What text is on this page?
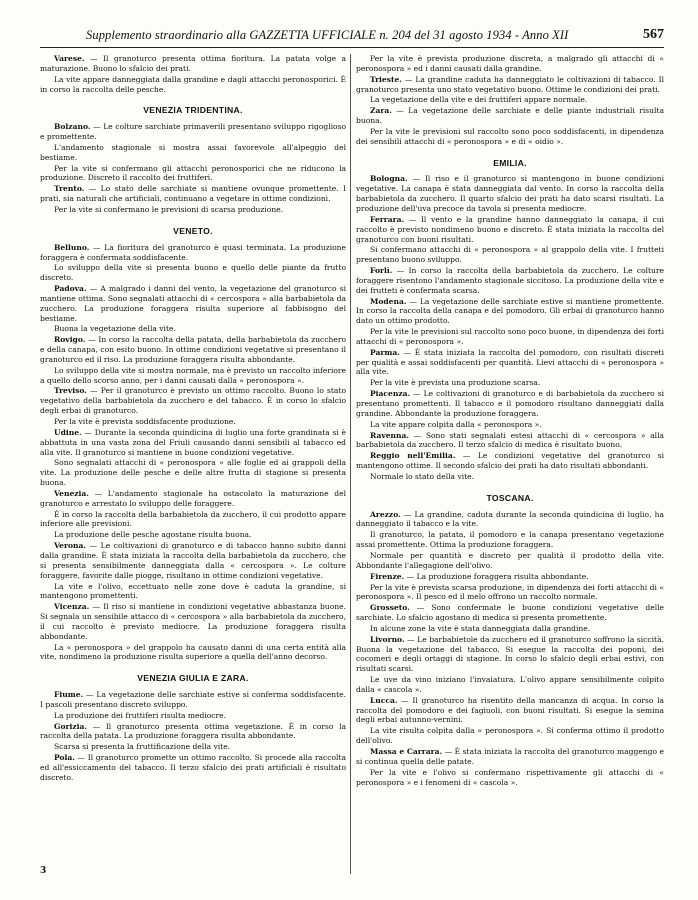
Supplemento straordinario alla GAZZETTA UFFICIALE n. 204 del 31 agosto 1934 - Anno XII	567
Varese. — Il granoturco presenta ottima fioritura. La patata volge a maturazione. Buono lo sfalcio dei prati.
La vite appare danneggiata dalla grandine e dagli attacchi peronosporici. È in corso la raccolta delle pesche.
VENEZIA TRIDENTINA.
Bolzano. — Le colture sarchiate primaverili presentano sviluppo rigoglioso e promettente.
L'andamento stagionale si mostra assai favorevole all'alpeggio del bestiame.
Per la vite si confermano gli attacchi peronosporici che ne riducono la produzione. Discreto il raccolto dei fruttiferi.
Trento. — Lo stato delle sarchiate si mantiene ovunque promettente. I prati, sia naturali che artificiali, continuano a vegetare in ottime condizioni.
Per la vite si confermano le previsioni di scarsa produzione.
VENETO.
Belluno. — La fioritura del granoturco è quasi terminata. La produzione foraggera è confermata soddisfacente.
Lo sviluppo della vite si presenta buono e quello delle piante da frutto discreto.
Padova. — A malgrado i danni del vento, la vegetazione del granoturco si mantiene ottima. Sono segnalati attacchi di « cercospora » alla barbabietola da zucchero. La produzione foraggera risulta superiore al fabbisogno del bestiame.
Buona la vegetazione della vite.
Rovigo. — In corso la raccolta della patata, della barbabietola da zucchero e della canapa, con esito buono. In ottime condizioni vegetative si presentano il granoturco ed il riso. La produzione foraggera risulta abbondante.
Lo sviluppo della vite si mostra normale, ma è previsto un raccolto inferiore a quello dello scorso anno, per i danni causati dalla « peronospora ».
Treviso. — Per il granoturco è previsto un ottimo raccolto. Buono lo stato vegetativo della barbabietola da zucchero e del tabacco. È in corso lo sfalcio degli erbai di granoturco.
Per la vite è prevista soddisfacente produzione.
Udine. — Durante la seconda quindicina di luglio una forte grandinata si è abbattuta in una vasta zona del Friuli causando danni sensibili al tabacco ed alla vite. Il granoturco si mantiene in buone condizioni vegetative.
Sono segnalati attacchi di « peronospora » alle foglie ed ai grappoli della vite. La produzione delle pesche e delle altre frutta di stagione si presenta buona.
Venezia. — L'andamento stagionale ha ostacolato la maturazione del granoturco e arrestato lo sviluppo delle foraggere.
È in corso la raccolta della barbabietola da zucchero, il cui prodotto appare inferiore alle previsioni.
La produzione delle pesche agostane risulta buona.
Verona. — Le coltivazioni di granoturco e di tabacco hanno subito danni dalla grandine. È stata iniziata la raccolta della barbabietola da zucchero, che si presenta sensibilmente danneggiata dalla « cercospora ». Le colture foraggere, favorite dalle piogge, risultano in ottime condizioni vegetative.
La vite e l'olivo, eccettuato nelle zone dove è caduta la grandine, si mantengono promettenti.
Vicenza. — Il riso si mantiene in condizioni vegetative abbastanza buone. Si segnala un sensibile attacco di « cercospora » alla barbabietola da zucchero, il cui raccolto è previsto mediocre. La produzione foraggera risulta abbondante.
La « peronospora » del grappolo ha causato danni di una certa entità alla vite, nondimeno la produzione risulta superiore a quella dell'anno decorso.
VENEZIA GIULIA E ZARA.
Fiume. — La vegetazione delle sarchiate estive si conferma soddisfacente. I pascoli presentano discreto sviluppo.
La produzione dei fruttiferi risulta mediocre.
Gorizia. — Il granoturco presenta ottima vegetazione. È in corso la raccolta della patata. La produzione foraggera risulta abbondante.
Scarsa si presenta la fruttificazione della vite.
Pola. — Il granoturco promette un ottimo raccolto. Si procede alla raccolta ed all'essiccamento del tabacco. Il terzo sfalcio dei prati artificiali è risultato discreto.
Per la vite è prevista produzione discreta, a malgrado gli attacchi di « peronospora » ed i danni causati dalla grandine.
Trieste. — La grandine caduta ha danneggiato le coltivazioni di tabacco. Il granoturco presenta uno stato vegetativo buono. Ottime le condizioni dei prati.
La vegetazione della vite e dei fruttiferi appare normale.
Zara. — La vegetazione delle sarchiate e delle piante industriali risulta buona.
Per la vite le previsioni sul raccolto sono poco soddisfacenti, in dipendenza dei sensibili attacchi di « peronospora » e di « oidio ».
EMILIA.
Bologna. — Il riso e il granoturco si mantengono in buone condizioni vegetative. La canapa è stata danneggiata dal vento. In corso la raccolta della barbabietola da zucchero. Il quarto sfalcio dei prati ha dato scarsi risultati. La produzione dell'uva precoce da tavola si presenta mediocre.
Ferrara. — Il vento e la grandine hanno danneggiato la canapa, il cui raccolto è previsto nondimeno buono e discreto. È stata iniziata la raccolta del granoturco con buoni risultati.
Si confermano attacchi di « peronospora » al grappolo della vite. I frutteti presentano buono sviluppo.
Forlì. — In corso la raccolta della barbabietola da zucchero. Le colture foraggere risentono l'andamento stagionale siccitoso. La produzione della vite e dei frutteti è confermata scarsa.
Modena. — La vegetazione delle sarchiate estive si mantiene promettente. In corso la raccolta della canapa e del pomodoro. Gli erbai di granoturco hanno dato un ottimo prodotto.
Per la vite le previsioni sul raccolto sono poco buone, in dipendenza dei forti attacchi di « peronospora ».
Parma. — È stata iniziata la raccolta del pomodoro, con risultati discreti per qualità e assai soddisfacenti per quantità. Lievi attacchi di « peronospora » alla vite.
Per la vite è prevista una produzione scarsa.
Piacenza. — Le coltivazioni di granoturco e di barbabietola da zucchero si presentano promettenti. Il tabacco e il pomodoro risultano danneggiati dalla grandine. Abbondante la produzione foraggera.
La vite appare colpita dalla « peronospora ».
Ravenna. — Sono stati segnalati estesi attacchi di « cercospora » alla barbabietola da zucchero. Il terzo sfalcio di medica è risultato buono.
Reggio nell'Emilia. — Le condizioni vegetative del granoturco si mantengono ottime. Il secondo sfalcio dei prati ha dato risultati abbondanti.
Normale lo stato della vite.
TOSCANA.
Arezzo. — La grandine, caduta durante la seconda quindicina di luglio, ha danneggiato il tabacco e la vite.
Il granoturco, la patata, il pomodoro e la canapa presentano vegetazione assai promettente. Ottima la produzione foraggera.
Normale per quantità e discreto per qualità il prodotto della vite. Abbondante l'allegagione dell'olivo.
Firenze. — La produzione foraggera risulta abbondante.
Per la vite è prevista scarsa produzione, in dipendenza dei forti attacchi di « peronospora ». Il pesco ed il melo offrono un raccolto normale.
Grosseto. — Sono confermate le buone condizioni vegetative delle sarchiate. Lo sfalcio agostano di medica si presenta promettente.
In alcune zone la vite è stata danneggiata dalla grandine.
Livorno. — Le barbabietole da zucchero ed il granoturco soffrono la siccità. Buona la vegetazione del tabacco. Si esegue la raccolta dei poponi, dei cocomeri e degli ortaggi di stagione. In corso lo sfalcio degli erbai estivi, con risultati scarsi.
Le uve da vino iniziano l'invaiatura. L'olivo appare sensibilmente colpito dalla « cascola ».
Lucca. — Il granoturco ha risentito della mancanza di acqua. In corso la raccolta del pomodoro e dei fagiuoli, con buoni risultati. Si esegue la semina degli erbai autunno-vernini.
La vite risulta colpita dalla « peronospora ». Si conferma ottimo il prodotto dell'olivo.
Massa e Carrara. — È stata iniziata la raccolta del granoturco maggengo e si continua quella delle patate.
Per la vite e l'olivo si confermano rispettivamente gli attacchi di « peronospora » e i fenomeni di « cascola ».
3
